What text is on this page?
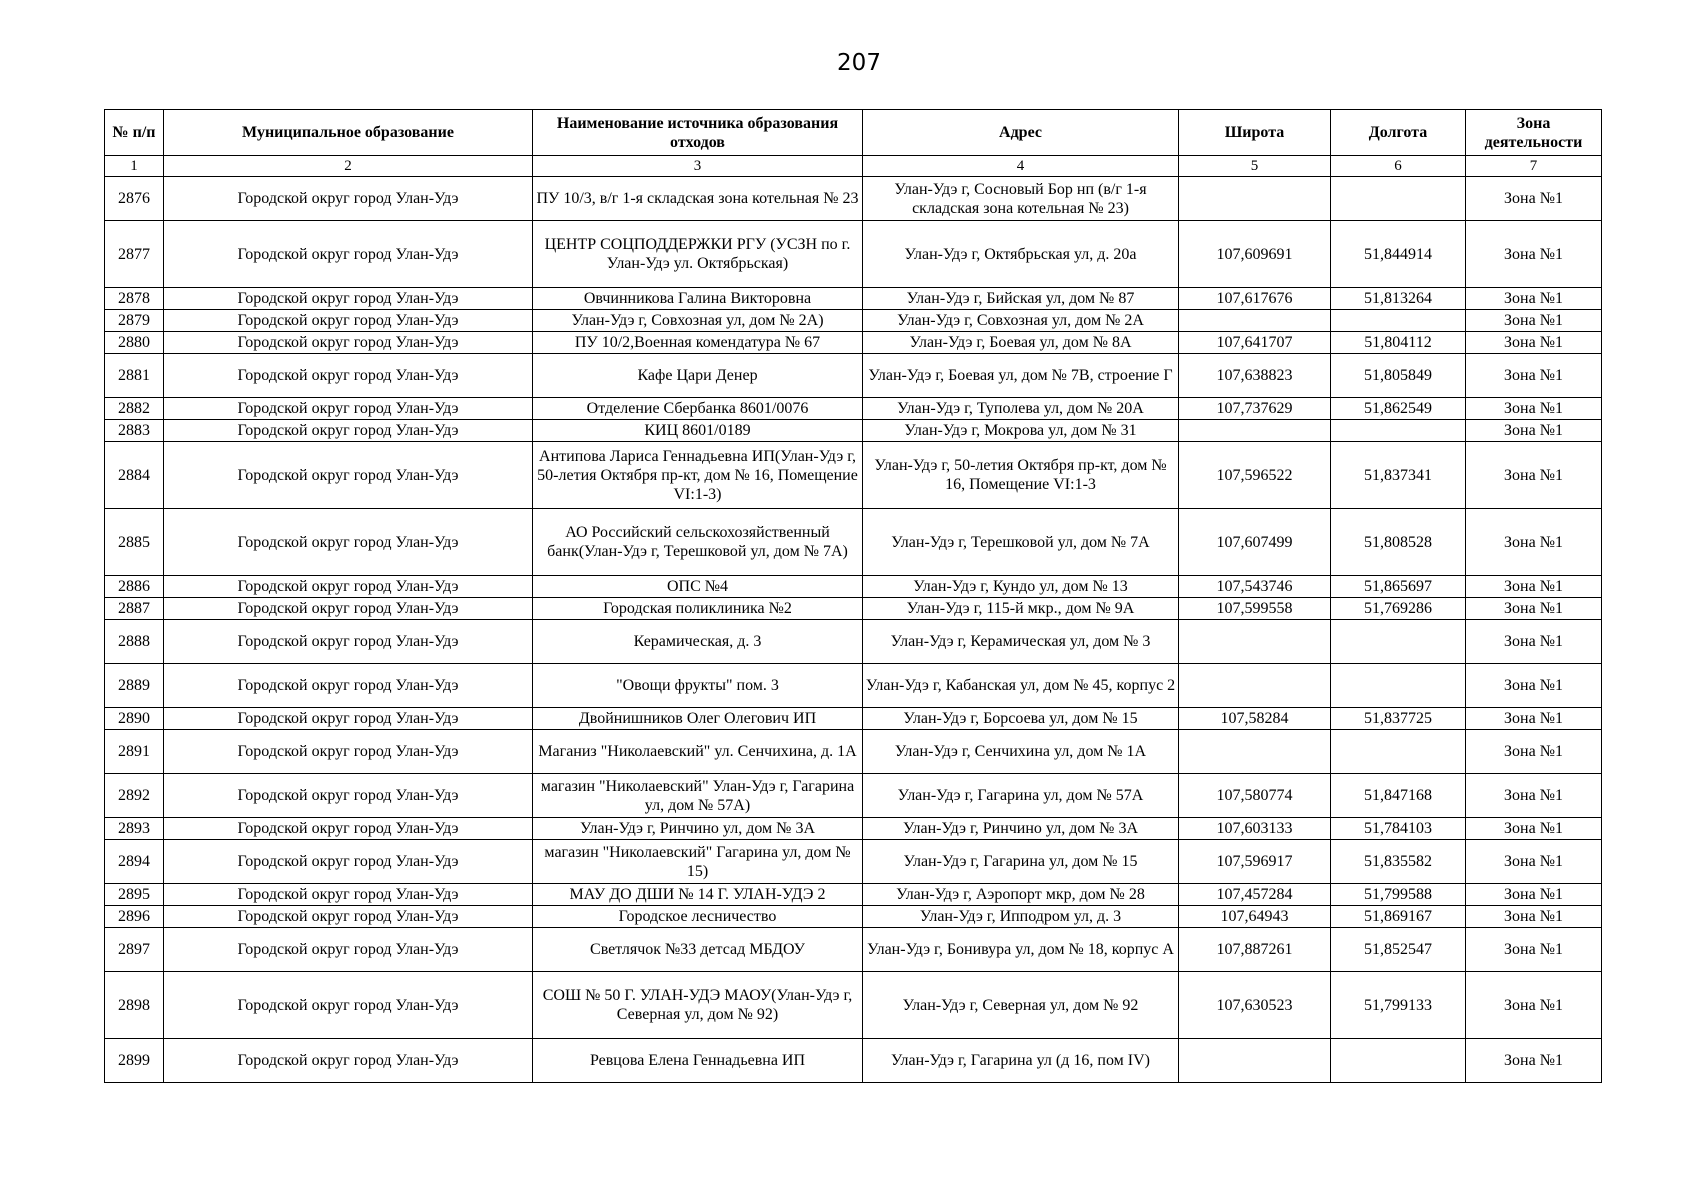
207
№ п/п	Муниципальное образование	Наименование источника образования отходов	Адрес	Широта	Долгота	Зона деятельности
1	2	3	4	5	6	7
2876	Городской округ город Улан-Удэ	ПУ 10/3, в/г 1-я складская зона котельная № 23	Улан-Удэ г, Сосновый Бор нп (в/г 1-я складская зона котельная № 23)			Зона №1
2877	Городской округ город Улан-Удэ	ЦЕНТР СОЦПОДДЕРЖКИ РГУ (УСЗН по г. Улан-Удэ ул. Октябрьская)	Улан-Удэ г, Октябрьская ул, д. 20а	107,609691	51,844914	Зона №1
2878	Городской округ город Улан-Удэ	Овчинникова Галина Викторовна	Улан-Удэ г, Бийская ул, дом № 87	107,617676	51,813264	Зона №1
2879	Городской округ город Улан-Удэ	Улан-Удэ г, Совхозная ул, дом № 2А)	Улан-Удэ г, Совхозная ул, дом № 2А			Зона №1
2880	Городской округ город Улан-Удэ	ПУ 10/2,Военная комендатура № 67	Улан-Удэ г, Боевая ул, дом № 8А	107,641707	51,804112	Зона №1
2881	Городской округ город Улан-Удэ	Кафе Цари Денер	Улан-Удэ г, Боевая ул, дом № 7В, строение Г	107,638823	51,805849	Зона №1
2882	Городской округ город Улан-Удэ	Отделение Сбербанка 8601/0076	Улан-Удэ г, Туполева ул, дом № 20А	107,737629	51,862549	Зона №1
2883	Городской округ город Улан-Удэ	КИЦ 8601/0189	Улан-Удэ г, Мокрова ул, дом № 31			Зона №1
2884	Городской округ город Улан-Удэ	Антипова Лариса Геннадьевна ИП(Улан-Удэ г, 50-летия Октября пр-кт, дом № 16, Помещение VI:1-3)	Улан-Удэ г, 50-летия Октября пр-кт, дом № 16, Помещение VI:1-3	107,596522	51,837341	Зона №1
2885	Городской округ город Улан-Удэ	АО Российский сельскохозяйственный банк(Улан-Удэ г, Терешковой ул, дом № 7А)	Улан-Удэ г, Терешковой ул, дом № 7А	107,607499	51,808528	Зона №1
2886	Городской округ город Улан-Удэ	ОПС №4	Улан-Удэ г, Кундо ул, дом № 13	107,543746	51,865697	Зона №1
2887	Городской округ город Улан-Удэ	Городская поликлиника №2	Улан-Удэ г, 115-й мкр., дом № 9А	107,599558	51,769286	Зона №1
2888	Городской округ город Улан-Удэ	Керамическая, д. 3	Улан-Удэ г, Керамическая ул, дом № 3			Зона №1
2889	Городской округ город Улан-Удэ	"Овощи фрукты" пом. 3	Улан-Удэ г, Кабанская ул, дом № 45, корпус 2			Зона №1
2890	Городской округ город Улан-Удэ	Двойнишников Олег Олегович ИП	Улан-Удэ г, Борсоева ул, дом № 15	107,58284	51,837725	Зона №1
2891	Городской округ город Улан-Удэ	Маганиз "Николаевский" ул. Сенчихина, д. 1А	Улан-Удэ г, Сенчихина ул, дом № 1А			Зона №1
2892	Городской округ город Улан-Удэ	магазин "Николаевский" Улан-Удэ г, Гагарина ул, дом № 57А)	Улан-Удэ г, Гагарина ул, дом № 57А	107,580774	51,847168	Зона №1
2893	Городской округ город Улан-Удэ	Улан-Удэ г, Ринчино ул, дом № 3А	Улан-Удэ г, Ринчино ул, дом № 3А	107,603133	51,784103	Зона №1
2894	Городской округ город Улан-Удэ	магазин "Николаевский" Гагарина ул, дом № 15)	Улан-Удэ г, Гагарина ул, дом № 15	107,596917	51,835582	Зона №1
2895	Городской округ город Улан-Удэ	МАУ ДО ДШИ № 14 Г. УЛАН-УДЭ 2	Улан-Удэ г, Аэропорт мкр, дом № 28	107,457284	51,799588	Зона №1
2896	Городской округ город Улан-Удэ	Городское лесничество	Улан-Удэ г, Ипподром ул, д. 3	107,64943	51,869167	Зона №1
2897	Городской округ город Улан-Удэ	Светлячок №33 детсад МБДОУ	Улан-Удэ г, Бонивура ул, дом № 18, корпус А	107,887261	51,852547	Зона №1
2898	Городской округ город Улан-Удэ	СОШ № 50 Г. УЛАН-УДЭ МАОУ(Улан-Удэ г, Северная ул, дом № 92)	Улан-Удэ г, Северная ул, дом № 92	107,630523	51,799133	Зона №1
2899	Городской округ город Улан-Удэ	Ревцова Елена Геннадьевна ИП	Улан-Удэ г, Гагарина ул (д 16, пом IV)			Зона №1
